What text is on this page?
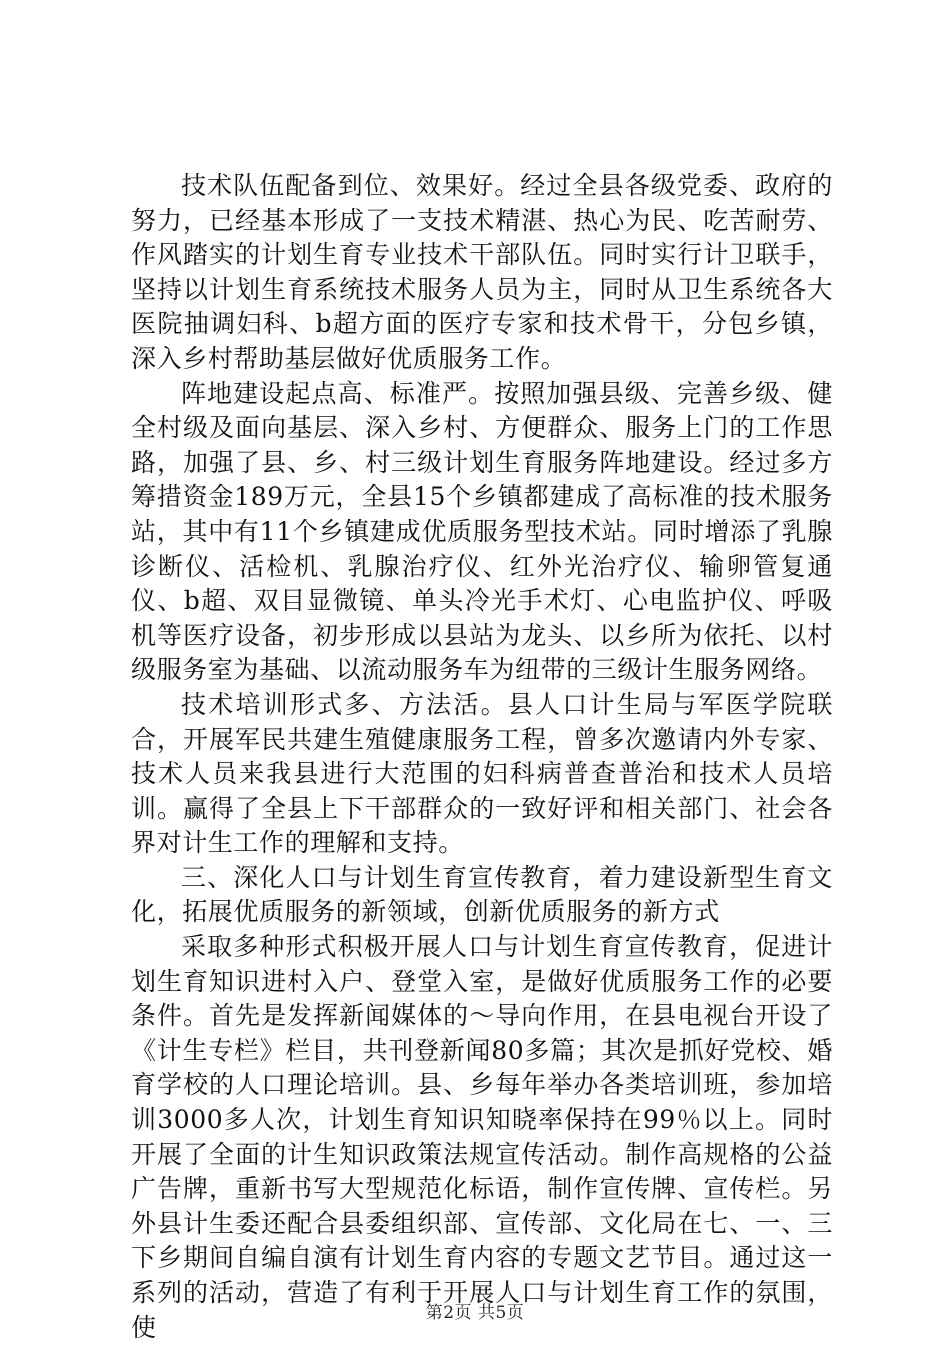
技术队伍配备到位、效果好。经过全县各级党委、政府的努力，已经基本形成了一支技术精湛、热心为民、吃苦耐劳、作风踏实的计划生育专业技术干部队伍。同时实行计卫联手，坚持以计划生育系统技术服务人员为主，同时从卫生系统各大医院抽调妇科、b超方面的医疗专家和技术骨干，分包乡镇，深入乡村帮助基层做好优质服务工作。

阵地建设起点高、标准严。按照加强县级、完善乡级、健全村级及面向基层、深入乡村、方便群众、服务上门的工作思路，加强了县、乡、村三级计划生育服务阵地建设。经过多方筹措资金189万元，全县15个乡镇都建成了高标准的技术服务站，其中有11个乡镇建成优质服务型技术站。同时增添了乳腺诊断仪、活检机、乳腺治疗仪、红外光治疗仪、输卵管复通仪、b超、双目显微镜、单头冷光手术灯、心电监护仪、呼吸机等医疗设备，初步形成以县站为龙头、以乡所为依托、以村级服务室为基础、以流动服务车为纽带的三级计生服务网络。

技术培训形式多、方法活。县人口计生局与军医学院联合，开展军民共建生殖健康服务工程，曾多次邀请内外专家、技术人员来我县进行大范围的妇科病普查普治和技术人员培训。赢得了全县上下干部群众的一致好评和相关部门、社会各界对计生工作的理解和支持。

三、深化人口与计划生育宣传教育，着力建设新型生育文化，拓展优质服务的新领域，创新优质服务的新方式

采取多种形式积极开展人口与计划生育宣传教育，促进计划生育知识进村入户、登堂入室，是做好优质服务工作的必要条件。首先是发挥新闻媒体的～导向作用，在县电视台开设了《计生专栏》栏目，共刊登新闻80多篇；其次是抓好党校、婚育学校的人口理论培训。县、乡每年举办各类培训班，参加培训3000多人次，计划生育知识知晓率保持在99％以上。同时开展了全面的计生知识政策法规宣传活动。制作高规格的公益广告牌，重新书写大型规范化标语，制作宣传牌、宣传栏。另外县计生委还配合县委组织部、宣传部、文化局在七、一、三下乡期间自编自演有计划生育内容的专题文艺节目。通过这一系列的活动，营造了有利于开展人口与计划生育工作的氛围，使	第2页 共5页
